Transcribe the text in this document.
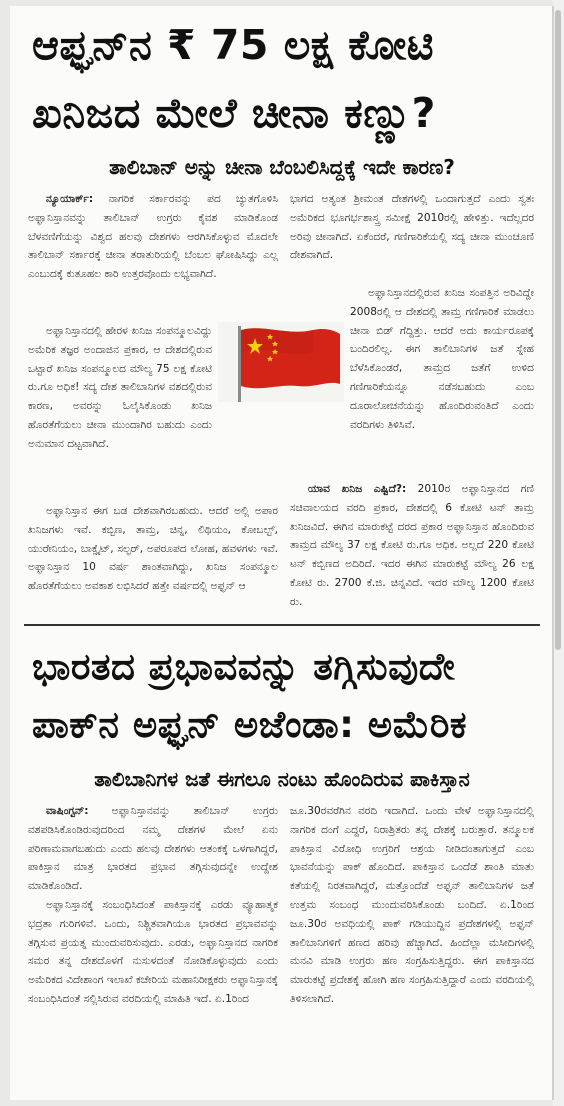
ಆಫ್ಘನ್‌ನ ₹ 75 ಲಕ್ಷ ಕೋಟಿ
ಖನಿಜದ ಮೇಲೆ ಚೀನಾ ಕಣ್ಣು?
ತಾಲಿಬಾನ್ ಅನ್ನು ಚೀನಾ ಬೆಂಬಲಿಸಿದ್ದಕ್ಕೆ ಇದೇ ಕಾರಣ?

ನ್ಯೂಯಾರ್ಕ್: ನಾಗರಿಕ ಸರ್ಕಾರವನ್ನು ಪದ ಚ್ಯುತಗೊಳಿಸಿ ಅಫ್ಘಾನಿಸ್ತಾನವನ್ನು ತಾಲಿಬಾನ್ ಉಗ್ರರು ಕೈವಶ ಮಾಡಿಕೊಂಡ ಬೆಳವಣಿಗೆಯನ್ನು ವಿಶ್ವದ ಹಲವು ದೇಶಗಳು ಆರಗಿಸಿಕೊಳ್ಳುವ ಮೊದಲೇ ತಾಲಿಬಾನ್ ಸರ್ಕಾರಕ್ಕೆ ಚೀನಾ ತರಾತುರಿಯಲ್ಲಿ ಬೆಂಬಲ ಘೋಷಿಸಿದ್ದು ಎಲ್ಲ ಎಂಬುದಕ್ಕೆ ಕುತೂಹಲ ಕಾರಿ ಉತ್ತರವೊಂದು ಲಭ್ಯವಾಗಿದೆ.

ಅಫ್ಘಾನಿಸ್ತಾನದಲ್ಲಿ ಹೇರಳ ಖನಿಜ ಸಂಪನ್ಮೂಲವಿದ್ದು ಅಮೆರಿಕ ತಜ್ಞರ ಅಂದಾಜಿನ ಪ್ರಕಾರ, ಆ ದೇಶದಲ್ಲಿರುವ ಒಟ್ಟಾರೆ ಖನಿಜ ಸಂಪನ್ಮೂಲದ ಮೌಲ್ಯ 75 ಲಕ್ಷ ಕೋಟಿ ರು.ಗೂ ಅಧಿಕ! ಸದ್ಯ ದೇಶ ತಾಲಿಬಾನಿಗಳ ವಶದಲ್ಲಿರುವ ಕಾರಣ, ಅವರನ್ನು ಓಲೈಸಿಕೊಂಡು ಖನಿಜ ಹೊರತೆಗೆಯಲು ಚೀನಾ ಮುಂದಾಗಿರ ಬಹುದು ಎಂದು ಅನುಮಾನ ದಟ್ಟವಾಗಿದೆ.

ಅಫ್ಘಾನಿಸ್ತಾನ ಈಗ ಬಡ ದೇಶವಾಗಿರಬಹುದು. ಆದರೆ ಅಲ್ಲಿ ಅಪಾರ ಖನಿಜಗಳು ಇವೆ. ಕಬ್ಬಿಣ, ತಾಮ್ರ, ಚಿನ್ನ, ಲಿಥಿಯಂ, ಕೋಬಲ್ಟ್, ಯುರೇನಿಯಂ, ಬಾಕ್ಸೈಟ್, ಸಲ್ಫರ್, ಅಪರೂಪದ ಲೋಹ, ಹವಳಗಳು ಇವೆ. ಅಫ್ಘಾನಿಸ್ತಾನ 10 ವರ್ಷ ಶಾಂತವಾಗಿದ್ದು, ಖನಿಜ ಸಂಪನ್ಮೂಲ ಹೊರತೆಗೆಯಲು ಅವಕಾಶ ಲಭಿಸಿದರೆ ಹತ್ತೇ ವರ್ಷದಲ್ಲಿ ಅಫ್ಘನ್ ಆ

ಭಾಗದ ಅತ್ಯಂತ ಶ್ರೀಮಂತ ದೇಶಗಳಲ್ಲಿ ಒಂದಾಗುತ್ತದೆ ಎಂದು ಸ್ವತಃ ಅಮೆರಿಕದ ಭೂಗರ್ಭಶಾಸ್ತ್ರ ಸಮೀಕ್ಷೆ 2010ರಲ್ಲಿ ಹೇಳಿತ್ತು. ಇದೆಲ್ಲದರ ಅರಿವು ಚೀನಾಗಿದೆ. ಏಕೆಂದರೆ, ಗಣಿಗಾರಿಕೆಯಲ್ಲಿ ಸದ್ಯ ಚೀನಾ ಮುಂಚೂಣಿ ದೇಶವಾಗಿದೆ.

ಅಫ್ಘಾನಿಸ್ತಾನದಲ್ಲಿರುವ ಖನಿಜ ಸಂಪತ್ತಿನ ಅರಿವಿದ್ದೇ 2008ರಲ್ಲಿ ಆ ದೇಶದಲ್ಲಿ ತಾಮ್ರ ಗಣಿಗಾರಿಕೆ ಮಾಡಲು ಚೀನಾ ಬಿಡ್ ಗೆದ್ದಿತ್ತು. ಆದರೆ ಅದು ಕಾರ್ಯರೂಪಕ್ಕೆ ಬಂದಿರಲಿಲ್ಲ. ಈಗ ತಾಲಿಬಾನಿಗಳ ಜತೆ ಸ್ನೇಹ ಬೆಳೆಸಿಕೊಂಡರೆ, ತಾಮ್ರದ ಜತೆಗೆ ಉಳಿದ ಗಣಿಗಾರಿಕೆಯನ್ನೂ ನಡೆಸಬಹುದು ಎಂಬ ದೂರಾಲೋಚನೆಯನ್ನು ಹೊಂದಿರುವಂತಿದೆ ಎಂದು ವರದಿಗಳು ತಿಳಿಸಿವೆ.

ಯಾವ ಖನಿಜ ಎಷ್ಟಿದೆ?: 2010ರ ಅಫ್ಘಾನಿಸ್ತಾನದ ಗಣಿ ಸಚಿವಾಲಯದ ವರದಿ ಪ್ರಕಾರ, ದೇಶದಲ್ಲಿ 6 ಕೋಟಿ ಟನ್ ತಾಮ್ರ ಖನಿಜವಿದೆ. ಈಗಿನ ಮಾರುಕಟ್ಟೆ ದರದ ಪ್ರಕಾರ ಅಫ್ಘಾನಿಸ್ತಾನ ಹೊಂದಿರುವ ತಾಮ್ರದ ಮೌಲ್ಯ 37 ಲಕ್ಷ ಕೋಟಿ ರು.ಗೂ ಅಧಿಕ. ಅಲ್ಲದೆ 220 ಕೋಟಿ ಟನ್ ಕಬ್ಬಿಣದ ಅದಿರಿದೆ. ಇದರ ಈಗಿನ ಮಾರುಕಟ್ಟೆ ಮೌಲ್ಯ 26 ಲಕ್ಷ ಕೋಟಿ ರು. 2700 ಕೆ.ಜಿ. ಚಿನ್ನವಿದೆ. ಇದರ ಮೌಲ್ಯ 1200 ಕೋಟಿ ರು.

ಭಾರತದ ಪ್ರಭಾವವನ್ನು ತಗ್ಗಿಸುವುದೇ
ಪಾಕ್‌ನ ಅಫ್ಘನ್ ಅಜೆಂಡಾ: ಅಮೆರಿಕ
ತಾಲಿಬಾನಿಗಳ ಜತೆ ಈಗಲೂ ನಂಟು ಹೊಂದಿರುವ ಪಾಕಿಸ್ತಾನ

ವಾಷಿಂಗ್ಟನ್: ಅಫ್ಘಾನಿಸ್ತಾನವನ್ನು ತಾಲಿಬಾನ್ ಉಗ್ರರು ವಶಪಡಿಸಿಕೊಂಡಿರುವುದರಿಂದ ನಮ್ಮ ದೇಶಗಳ ಮೇಲೆ ಏನು ಪರಿಣಾಮವಾಗಬಹುದು ಎಂದು ಹಲವು ದೇಶಗಳು ಆತಂಕಕ್ಕೆ ಒಳಗಾಗಿದ್ದರೆ, ಪಾಕಿಸ್ತಾನ ಮಾತ್ರ ಭಾರತದ ಪ್ರಭಾವ ತಗ್ಗಿಸುವುದನ್ನೇ ಉದ್ದೇಶ ಮಾಡಿಕೊಂಡಿದೆ.

ಅಫ್ಘಾನಿಸ್ತಾನಕ್ಕೆ ಸಂಬಂಧಿಸಿದಂತೆ ಪಾಕಿಸ್ತಾನಕ್ಕೆ ಎರಡು ವ್ಯೂಹಾತ್ಮಕ ಭದ್ರತಾ ಗುರಿಗಳಿವೆ. ಒಂದು, ನಿಶ್ಚಿತವಾಗಿಯೂ ಭಾರತದ ಪ್ರಭಾವವನ್ನು ತಗ್ಗಿಸುವ ಪ್ರಯತ್ನ ಮುಂದುವರಿಸುವುದು. ಎರಡು, ಅಫ್ಘಾನಿಸ್ತಾನದ ನಾಗರಿಕ ಸಮರ ತನ್ನ ದೇಶದೊಳಗೆ ನುಸುಳದಂತೆ ನೋಡಿಕೊಳ್ಳುವುದು ಎಂದು ಅಮೆರಿಕದ ವಿದೇಶಾಂಗ ಇಲಾಖೆ ಕಚೇರಿಯ ಮಹಾನಿರೀಕ್ಷಕರು ಅಫ್ಘಾನಿಸ್ತಾನಕ್ಕೆ ಸಂಬಂಧಿಸಿದಂತೆ ಸಲ್ಲಿಸಿರುವ ವರದಿಯಲ್ಲಿ ಮಾಹಿತಿ ಇದೆ. ಏ.1ರಿಂದ

ಜೂ.30ರವರೆಗಿನ ವರದಿ ಇದಾಗಿದೆ. ಒಂದು ವೇಳೆ ಅಫ್ಘಾನಿಸ್ತಾನದಲ್ಲಿ ನಾಗರಿಕ ದಂಗೆ ಎದ್ದರೆ, ನಿರಾಶ್ರಿತರು ತನ್ನ ದೇಶಕ್ಕೆ ಬರುತ್ತಾರೆ. ತನ್ಮೂಲಕ ಪಾಕಿಸ್ತಾನ ವಿರೋಧಿ ಉಗ್ರರಿಗೆ ಆಶ್ರಯ ನೀಡಿದಂತಾಗುತ್ತದೆ ಎಂಬ ಭಾವನೆಯನ್ನು ಪಾಕ್ ಹೊಂದಿದೆ. ಪಾಕಿಸ್ತಾನ ಒಂದೆಡೆ ಶಾಂತಿ ಮಾತು ಕತೆಯಲ್ಲಿ ನಿರತವಾಗಿದ್ದರೆ, ಮತ್ತೊಂದೆಡೆ ಅಫ್ಘನ್ ತಾಲಿಬಾನಿಗಳ ಜತೆ ಉತ್ತಮ ಸಂಬಂಧ ಮುಂದುವರಿಸಿಕೊಂಡು ಬಂದಿದೆ. ಏ.1ರಿಂದ ಜೂ.30ರ ಅವಧಿಯಲ್ಲಿ ಪಾಕ್ ಗಡಿಯುದ್ದಿನ ಪ್ರದೇಶಗಳಲ್ಲಿ ಅಫ್ಘನ್ ತಾಲಿಬಾನಿಗಳಿಗೆ ಹಣದ ಹರಿವು ಹೆಚ್ಚಾಗಿದೆ. ಹಿಂದೆಲ್ಲಾ ಮಸೀದಿಗಳಲ್ಲಿ ಮನವಿ ಮಾಡಿ ಉಗ್ರರು ಹಣ ಸಂಗ್ರಹಿಸುತ್ತಿದ್ದರು. ಈಗ ಪಾಕಿಸ್ತಾನದ ಮಾರುಕಟ್ಟೆ ಪ್ರದೇಶಕ್ಕೆ ಹೋಗಿ ಹಣ ಸಂಗ್ರಹಿಸುತ್ತಿದ್ದಾರೆ ಎಂದು ವರದಿಯಲ್ಲಿ ತಿಳಿಸಲಾಗಿದೆ.
